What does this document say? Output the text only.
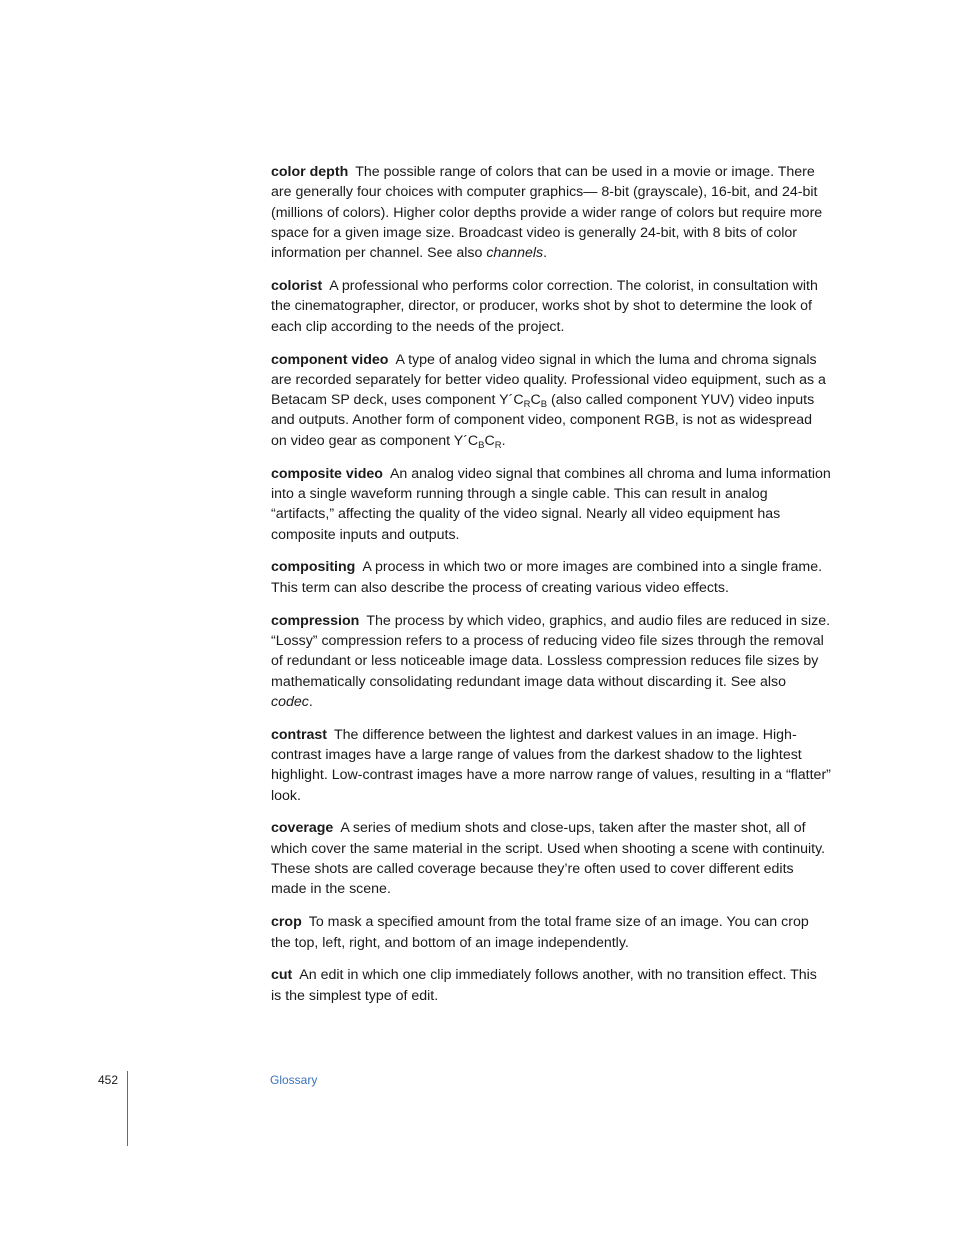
color depth The possible range of colors that can be used in a movie or image. There are generally four choices with computer graphics— 8-bit (grayscale), 16-bit, and 24-bit (millions of colors). Higher color depths provide a wider range of colors but require more space for a given image size. Broadcast video is generally 24-bit, with 8 bits of color information per channel. See also channels.

colorist A professional who performs color correction. The colorist, in consultation with the cinematographer, director, or producer, works shot by shot to determine the look of each clip according to the needs of the project.

component video A type of analog video signal in which the luma and chroma signals are recorded separately for better video quality. Professional video equipment, such as a Betacam SP deck, uses component $Y´C_RC_B$ (also called component YUV) video inputs and outputs. Another form of component video, component RGB, is not as widespread on video gear as component $Y´C_BC_R$.

composite video An analog video signal that combines all chroma and luma information into a single waveform running through a single cable. This can result in analog “artifacts,” affecting the quality of the video signal. Nearly all video equipment has composite inputs and outputs.

compositing A process in which two or more images are combined into a single frame. This term can also describe the process of creating various video effects.

compression The process by which video, graphics, and audio files are reduced in size. “Lossy” compression refers to a process of reducing video file sizes through the removal of redundant or less noticeable image data. Lossless compression reduces file sizes by mathematically consolidating redundant image data without discarding it. See also codec.

contrast The difference between the lightest and darkest values in an image. High-contrast images have a large range of values from the darkest shadow to the lightest highlight. Low-contrast images have a more narrow range of values, resulting in a “flatter” look.

coverage A series of medium shots and close-ups, taken after the master shot, all of which cover the same material in the script. Used when shooting a scene with continuity. These shots are called coverage because they’re often used to cover different edits made in the scene.

crop To mask a specified amount from the total frame size of an image. You can crop the top, left, right, and bottom of an image independently.

cut An edit in which one clip immediately follows another, with no transition effect. This is the simplest type of edit.

452	Glossary
